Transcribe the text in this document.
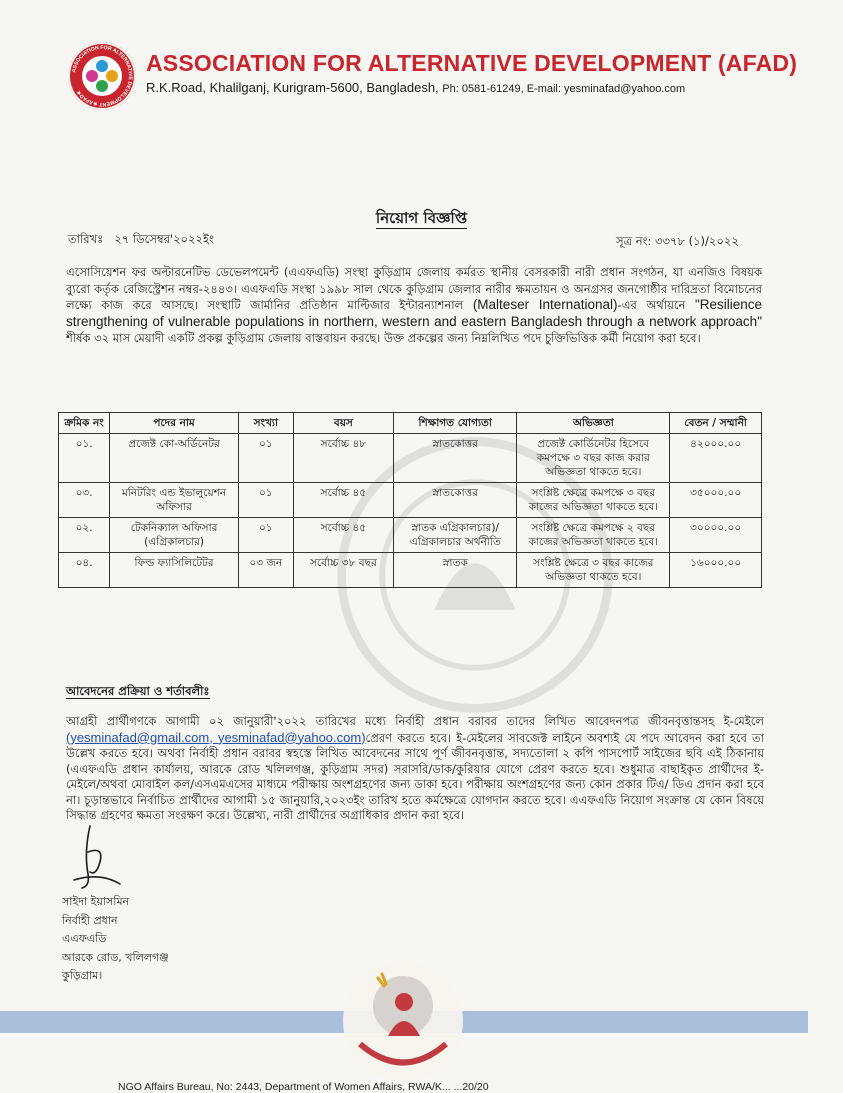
ASSOCIATION FOR ALTERNATIVE DEVELOPMENT ★AFAD★
ASSOCIATION FOR ALTERNATIVE DEVELOPMENT (AFAD)
R.K.Road, Khalilganj, Kurigram-5600, Bangladesh, Ph: 0581-61249, E-mail: yesminafad@yahoo.com
নিয়োগ বিজ্ঞপ্তি
তারিখঃ ২৭ ডিসেম্বর'২০২২ইং	সূত্র নং: ৩৩৭৮ (১)/২০২২
এসোসিয়েশন ফর অল্টারনেটিভ ডেভেলপমেন্ট (এএফএডি) সংস্থা কুড়িগ্রাম জেলায় কর্মরত স্থানীয় বেসরকারী নারী প্রধান সংগঠন, যা এনজিও বিষয়ক ব্যুরো কর্তৃক রেজিস্ট্রেশন নম্বর-২৪৪৩। এএফএডি সংস্থা ১৯৯৮ সাল থেকে কুড়িগ্রাম জেলার নারীর ক্ষমতায়ন ও অনগ্রসর জনগোষ্ঠীর দারিদ্রতা বিমোচনের লক্ষ্যে কাজ করে আসছে। সংস্থাটি জার্মানির প্রতিষ্ঠান মাল্টিজার ইন্টারন্যাশনাল (Malteser International)-এর অর্থায়নে "Resilience strengthening of vulnerable populations in northern, western and eastern Bangladesh through a network approach" শীর্ষক ৩২ মাস মেয়াদী একটি প্রকল্প কুড়িগ্রাম জেলায় বাস্তবায়ন করছে। উক্ত প্রকল্পের জন্য নিম্নলিখিত পদে চুক্তিভিত্তিক কর্মী নিয়োগ করা হবে।
ক্রমিক নং	পদের নাম	সংখ্যা	বয়স	শিক্ষাগত যোগ্যতা	অভিজ্ঞতা	বেতন / সম্মানী
০১.	প্রজেক্ট কো-অর্ডিনেটর	০১	সর্বোচ্চ ৪৮	স্নাতকোত্তর	প্রজেক্ট কোর্ডিনেটর হিসেবে কমপক্ষে ৩ বছর কাজ করার অভিজ্ঞতা থাকতে হবে।	৪২০০০.০০
০৩.	মনিটরিং এন্ড ইভালুয়েশন অফিসার	০১	সর্বোচ্চ ৪৫	স্নাতকোত্তর	সংশ্লিষ্ট ক্ষেত্রে কমপক্ষে ৩ বছর কাজের অভিজ্ঞতা থাকতে হবে।	৩৫০০০.০০
০২.	টেকনিক্যাল অফিসার (এগ্রিকালচার)	০১	সর্বোচ্চ ৪৫	স্নাতক এগ্রিকালচার)/ এগ্রিকালচার অর্থনীতি	সংশ্লিষ্ট ক্ষেত্রে কমপক্ষে ২ বছর কাজের অভিজ্ঞতা থাকতে হবে।	৩০০০০.০০
০৪.	ফিল্ড ফ্যাসিলিটেটর	০৩ জন	সর্বোচ্চ ৩৮ বছর	স্নাতক	সংশ্লিষ্ট ক্ষেত্রে ৩ বছর কাজের অভিজ্ঞতা থাকতে হবে।	১৬০০০.০০
আবেদনের প্রক্রিয়া ও শর্তাবলীঃ
আগ্রহী প্রার্থীগণকে আগামী ০২ জানুয়ারী'২০২২ তারিখের মধ্যে নির্বাহী প্রধান বরাবর তাদের লিখিত আবেদনপত্র জীবনবৃত্তান্তসহ ই-মেইলে (yesminafad@gmail.com, yesminafad@yahoo.com)প্রেরণ করতে হবে। ই-মেইলের সাবজেক্ট লাইনে অবশ্যই যে পদে আবেদন করা হবে তা উল্লেখ করতে হবে। অথবা নির্বাহী প্রধান বরাবর স্বহস্তে লিখিত আবেদনের সাথে পূর্ণ জীবনবৃত্তান্ত, সদ্যতোলা ২ কপি পাসপোর্ট সাইজের ছবি এই ঠিকানায় (এএফএডি প্রধান কার্যালয়, আরকে রোড খলিলগঞ্জ, কুড়িগ্রাম সদর) সরাসরি/ডাক/কুরিয়ার যোগে প্রেরণ করতে হবে। শুধুমাত্র বাছাইকৃত প্রার্থীদের ই-মেইলে/অথবা মোবাইল কল/এসএমএসের মাধ্যমে পরীক্ষায় অংশগ্রহণের জন্য ডাকা হবে। পরীক্ষায় অংশগ্রহণের জন্য কোন প্রকার টিএ/ ডিএ প্রদান করা হবে না। চূড়ান্তভাবে নির্বাচিত প্রার্থীদের আগামী ১৫ জানুয়ারি,২০২৩ইং তারিখ হতে কর্মক্ষেত্রে যোগদান করতে হবে। এএফএডি নিয়োগ সংক্রান্ত যে কোন বিষয়ে সিদ্ধান্ত গ্রহণের ক্ষমতা সংরক্ষণ করে। উল্লেখ্য, নারী প্রার্থীদের অগ্রাধিকার প্রদান করা হবে।
সাইদা ইয়াসমিন
নির্বাহী প্রধান
এএফএডি
আরকে রোড, খলিলগঞ্জ
কুড়িগ্রাম।
NGO Affairs Bureau, No: 2443, Department of Women Affairs, RWA/K... ...20/20
